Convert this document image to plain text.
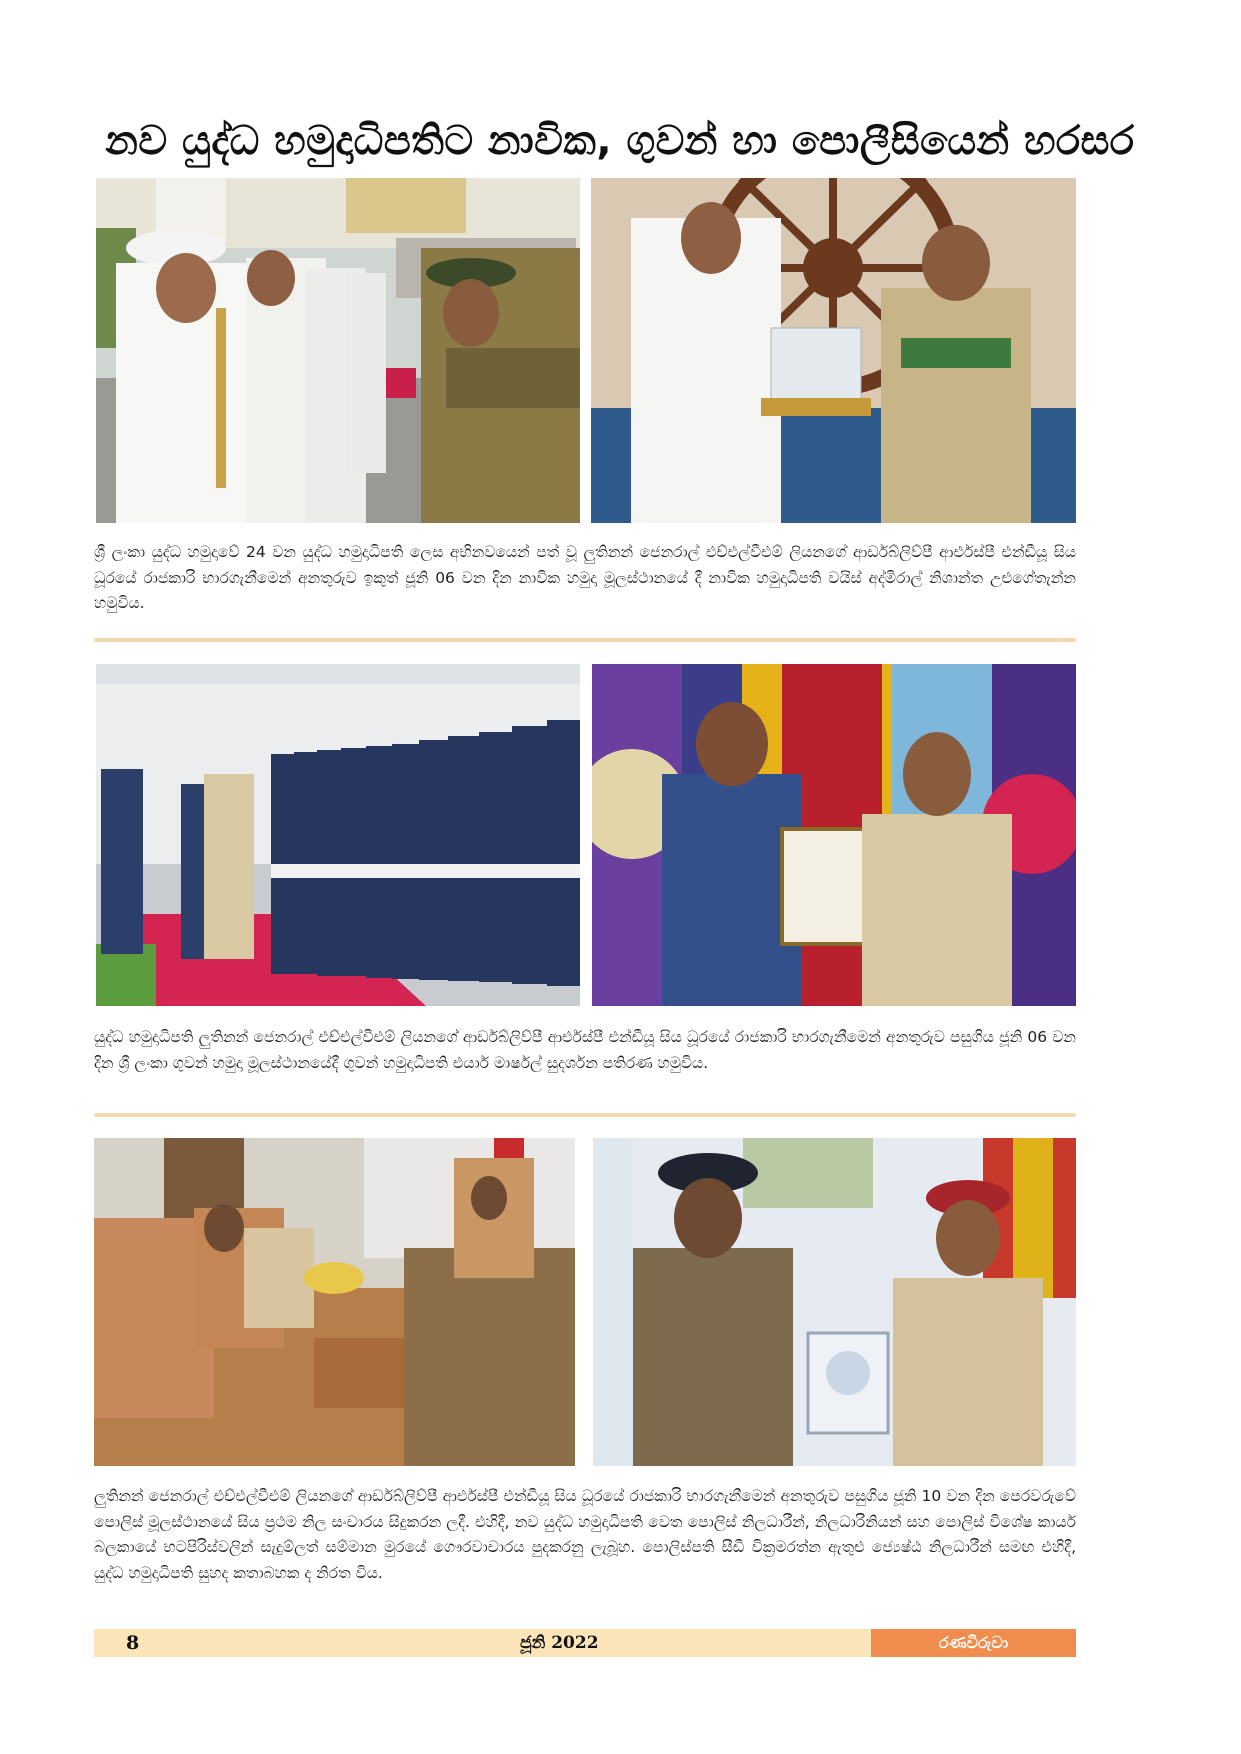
නව යුද්ධ හමුදාධිපතිට නාවික, ගුවන් හා පොලීසියෙන් හරසර
ශ්‍රී ලංකා යුද්ධ හමුදාවේ 24 වන යුද්ධ හමුදාධිපති ලෙස අභිනවයෙන් පත් වූ ලුතිනන් ජෙනරාල් එච්එල්වීඑම් ලියනගේ ආර්ඩබ්ලිව්පී ආර්එස්පී එන්ඩීයූ සිය ධූරයේ රාජකාරි භාරගැනීමෙන් අනතුරුව ඉකුත් ජූනි 06 වන දින නාවික හමුදා මූලස්ථානයේ දී නාවික හමුදාධිපති වයිස් අද්මිරාල් නිශාන්ත උළුගේතැන්න හමුවිය.
යුද්ධ හමුදාධිපති ලුතිනන් ජෙනරාල් එච්එල්වීඑම් ලියනගේ ආර්ඩබ්ලිව්පී ආර්එස්පී එන්ඩීයූ සිය ධූරයේ රාජකාරි භාරගැනීමෙන් අනතුරුව පසුගිය ජූනි 06 වන දින ශ්‍රී ලංකා ගුවන් හමුදා මූලස්ථානයේදී ගුවන් හමුදාධිපති එයාර් මාර්ෂල් සුදර්ශන පතිරණ හමුවිය.
ලුතිනන් ජෙනරාල් එච්එල්වීඑම් ලියනගේ ආර්ඩබ්ලිව්පී ආර්එස්පී එන්ඩීයූ සිය ධූරයේ රාජකාරි භාරගැනීමෙන් අනතුරුව පසුගිය ජූනි 10 වන දින පෙරවරුවේ පොලිස් මූලස්ථානයේ සිය ප්‍රථම නිල සංචාරය සිදුකරන ලදී. එහිදී, නව යුද්ධ හමුදාධිපති වෙත පොලිස් නිලධාරීන්, නිලධාරිනියන් සහ පොලිස් විශේෂ කාර්ය බලකායේ භටපිරිස්වලින් සැදුම්ලත් සම්මාන මුරයේ ගෞරවාචාරය පුදකරනු ලැබූහ. පොලිස්පති සීඩී වික්‍රමරත්න ඇතුළු ජ්‍යෙෂ්ඨ නිලධාරීන් සමඟ එහිදී, යුද්ධ හමුදාධිපති සුහද කතාබහක ද නිරත විය.
8	ජූනි 2022	රණවිරුවා
